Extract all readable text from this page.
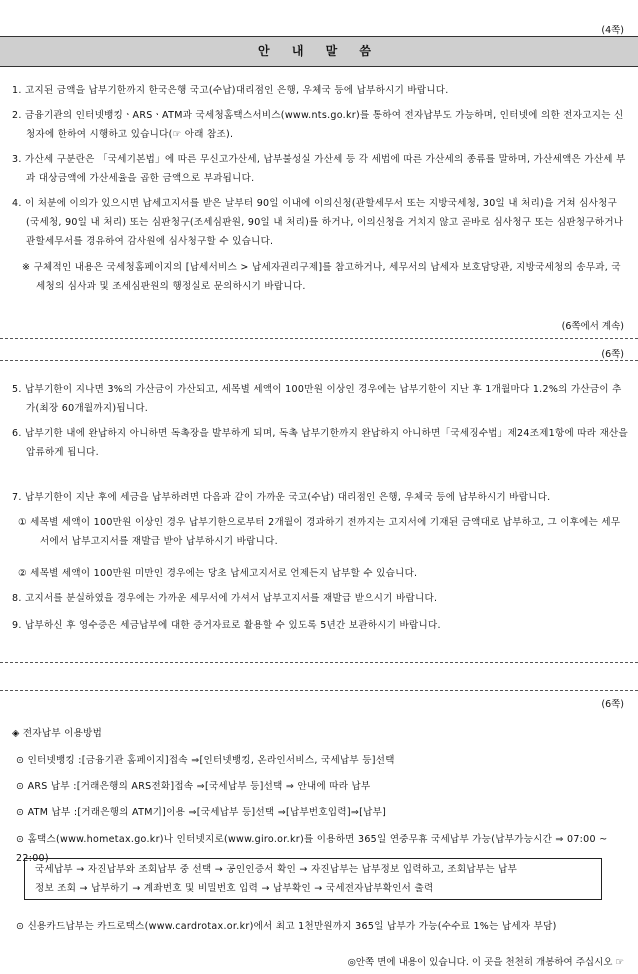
(4쪽)
안 내 말 씀
1. 고지된 금액을 납부기한까지 한국은행 국고(수납)대리점인 은행, 우체국 등에 납부하시기 바랍니다.
2. 금융기관의 인터넷뱅킹ㆍARSㆍATM과 국세청홈택스서비스(www.nts.go.kr)를 통하여 전자납부도 가능하며, 인터넷에 의한 전자고지는 신청자에 한하여 시행하고 있습니다(☞ 아래 참조).
3. 가산세 구분란은 「국세기본법」에 따른 무신고가산세, 납부불성실 가산세 등 각 세법에 따른 가산세의 종류를 말하며, 가산세액은 가산세 부과 대상금액에 가산세율을 곱한 금액으로 부과됩니다.
4. 이 처분에 이의가 있으시면 납세고지서를 받은 날부터 90일 이내에 이의신청(관할세무서 또는 지방국세청, 30일 내 처리)을 거쳐 심사청구(국세청, 90일 내 처리) 또는 심판청구(조세심판원, 90일 내 처리)를 하거나, 이의신청을 거치지 않고 곧바로 심사청구 또는 심판청구하거나 관할세무서를 경유하여 감사원에 심사청구할 수 있습니다.
※ 구체적인 내용은 국세청홈페이지의 [납세서비스 > 납세자권리구제]를 참고하거나, 세무서의 납세자 보호담당관, 지방국세청의 송무과, 국세청의 심사과 및 조세심판원의 행정실로 문의하시기 바랍니다.
(6쪽에서 계속)
(6쪽)
5. 납부기한이 지나면 3%의 가산금이 가산되고, 세목별 세액이 100만원 이상인 경우에는 납부기한이 지난 후 1개월마다 1.2%의 가산금이 추가(최장 60개월까지)됩니다.
6. 납부기한 내에 완납하지 아니하면 독촉장을 발부하게 되며, 독촉 납부기한까지 완납하지 아니하면「국세징수법」제24조제1항에 따라 재산을 압류하게 됩니다.
7. 납부기한이 지난 후에 세금을 납부하려면 다음과 같이 가까운 국고(수납) 대리점인 은행, 우체국 등에 납부하시기 바랍니다.
① 세목별 세액이 100만원 이상인 경우 납부기한으로부터 2개월이 경과하기 전까지는 고지서에 기재된 금액대로 납부하고, 그 이후에는 세무서에서 납부고지서를 재발급 받아 납부하시기 바랍니다.
② 세목별 세액이 100만원 미만인 경우에는 당초 납세고지서로 언제든지 납부할 수 있습니다.
8. 고지서를 분실하였을 경우에는 가까운 세무서에 가셔서 납부고지서를 재발급 받으시기 바랍니다.
9. 납부하신 후 영수증은 세금납부에 대한 증거자료로 활용할 수 있도록 5년간 보관하시기 바랍니다.
(6쪽)
◈ 전자납부 이용방법
⊙ 인터넷뱅킹 :[금융기관 홈페이지]접속 ⇒[인터넷뱅킹, 온라인서비스, 국세납부 등]선택
⊙ ARS 납부 :[거래은행의 ARS전화]접속 ⇒[국세납부 등]선택 ⇒ 안내에 따라 납부
⊙ ATM 납부 :[거래은행의 ATM기]이용 ⇒[국세납부 등]선택 ⇒[납부번호입력]⇒[납부]
⊙ 홈택스(www.hometax.go.kr)나 인터넷지로(www.giro.or.kr)를 이용하면 365일 연중무휴 국세납부 가능(납부가능시간 ⇒ 07:00 ~ 22:00)
국세납부 → 자진납부와 조회납부 중 선택 → 공인인증서 확인 → 자진납부는 납부정보 입력하고, 조회납부는 납부
정보 조회 → 납부하기 → 계좌번호 및 비밀번호 입력 → 납부확인 → 국세전자납부확인서 출력
⊙ 신용카드납부는 카드로택스(www.cardrotax.or.kr)에서 최고 1천만원까지 365일 납부가 가능(수수료 1%는 납세자 부담)
◎안쪽 면에 내용이 있습니다. 이 곳을 천천히 개봉하여 주십시오 ☞
